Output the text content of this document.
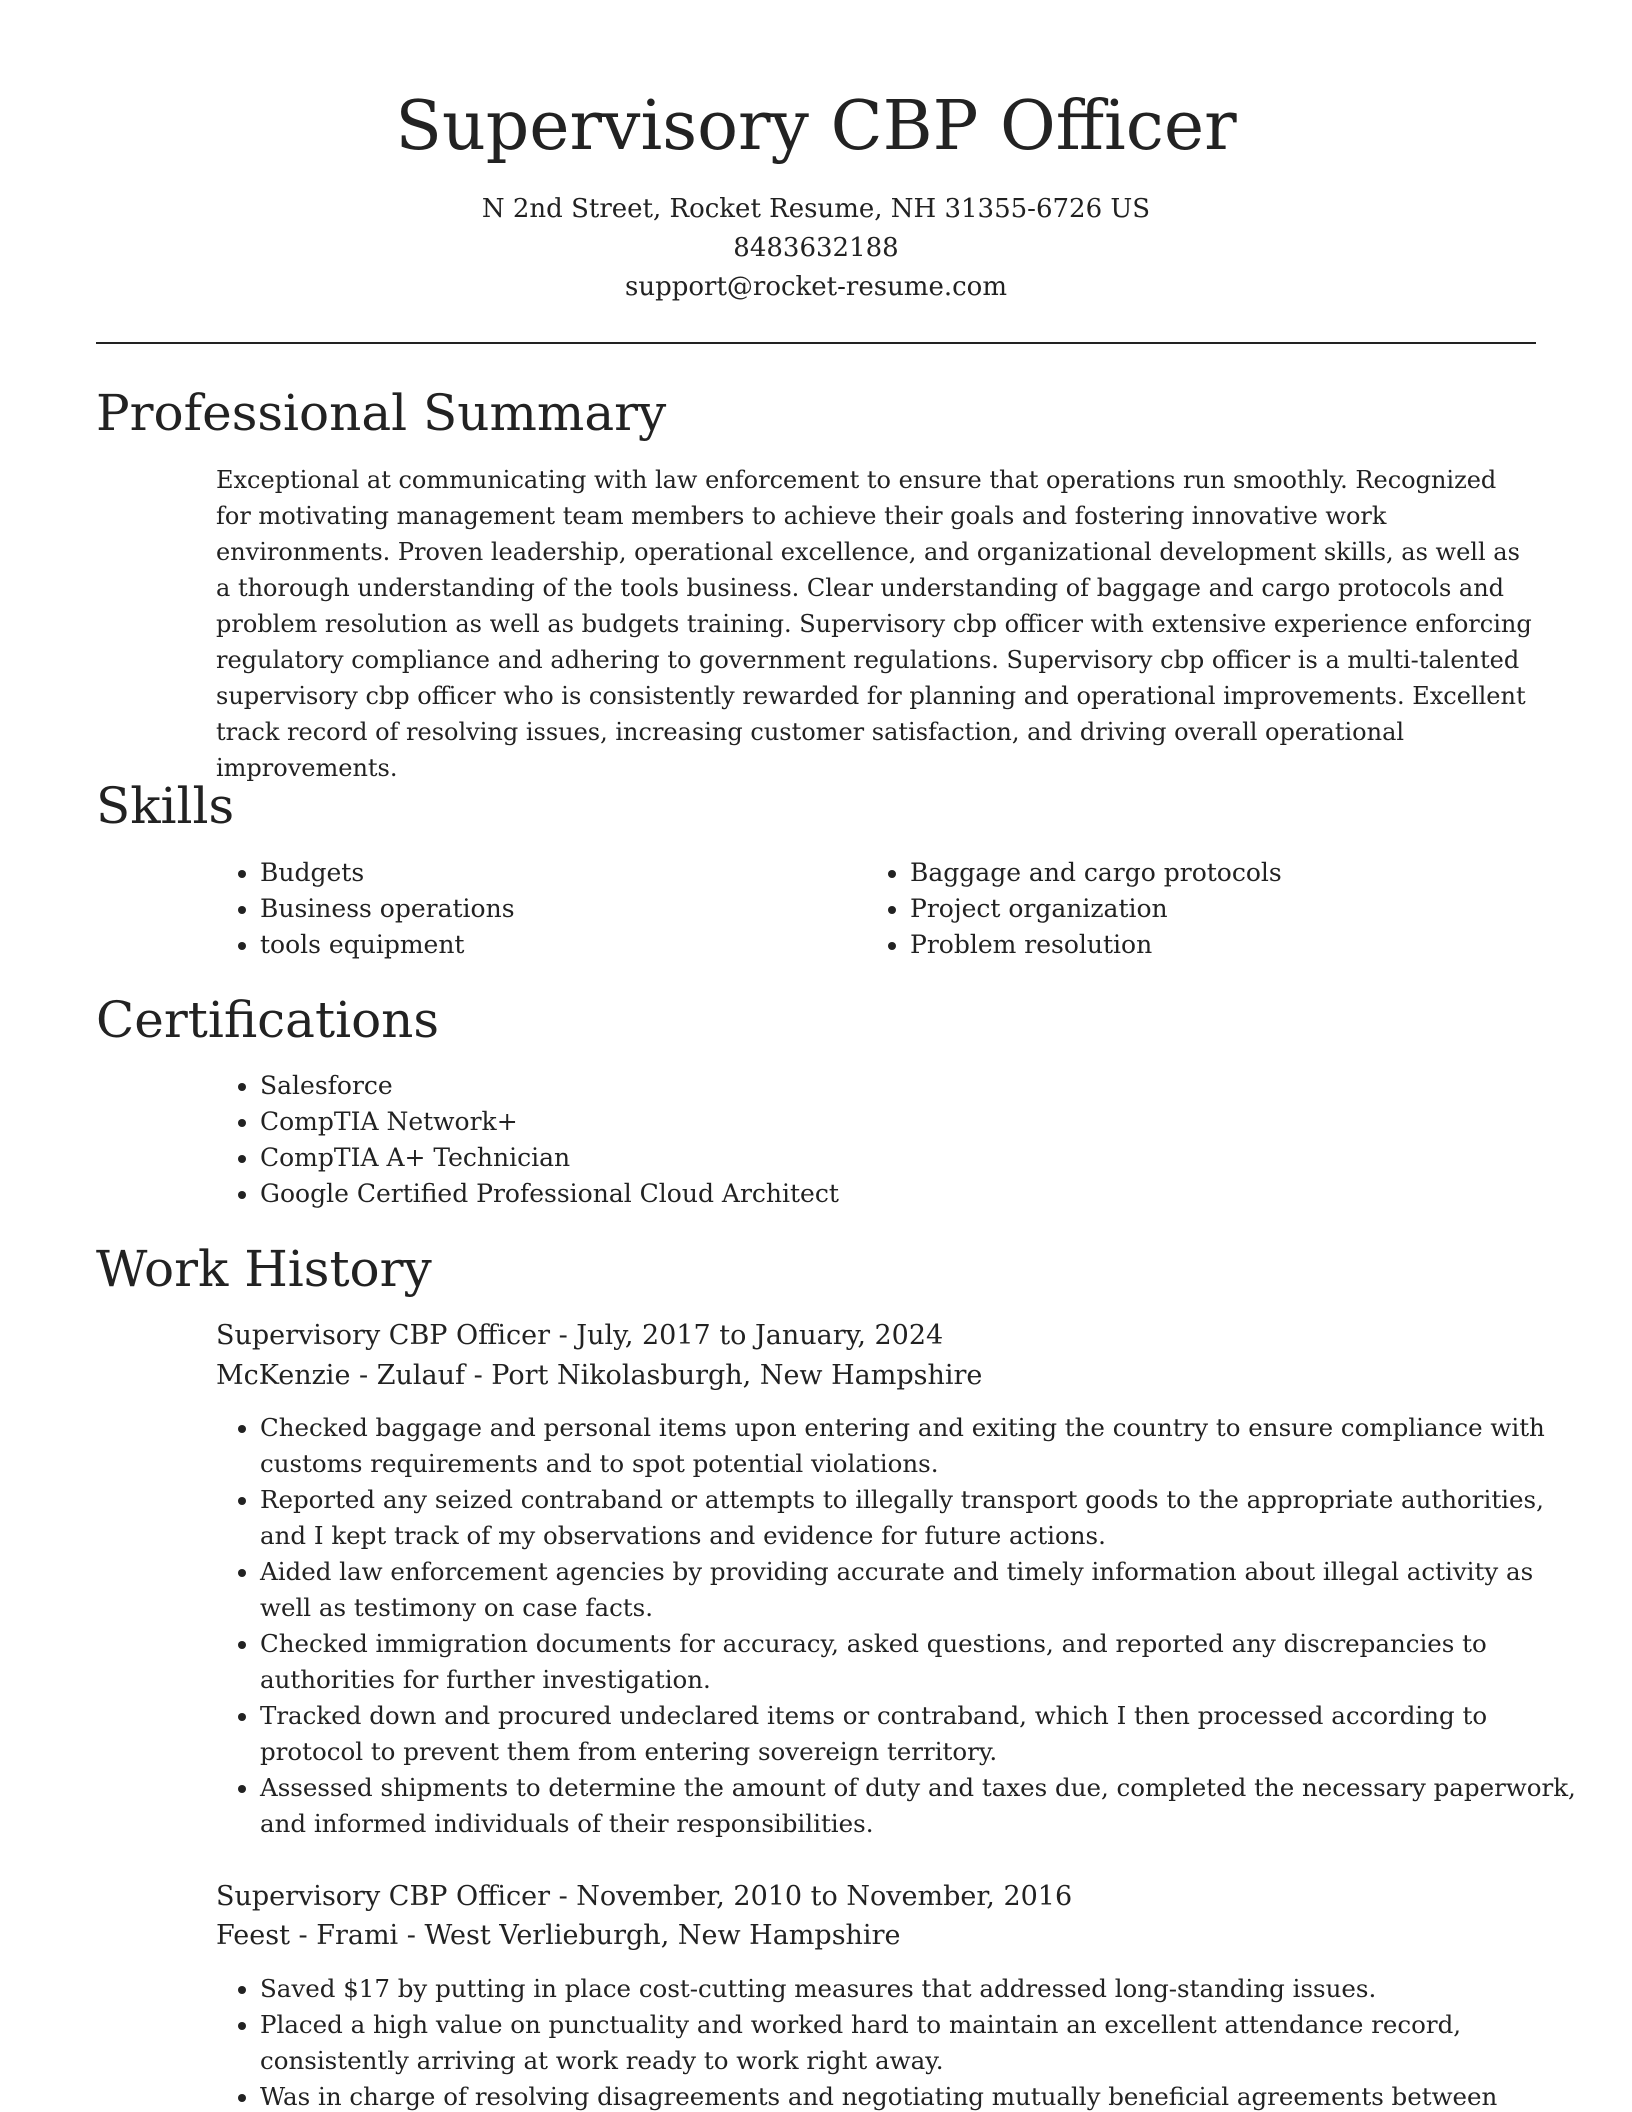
Supervisory CBP Officer
N 2nd Street, Rocket Resume, NH 31355-6726 US
8483632188
support@rocket-resume.com
Professional Summary

Exceptional at communicating with law enforcement to ensure that operations run smoothly. Recognized for motivating management team members to achieve their goals and fostering innovative work environments. Proven leadership, operational excellence, and organizational development skills, as well as a thorough understanding of the tools business. Clear understanding of baggage and cargo protocols and problem resolution as well as budgets training. Supervisory cbp officer with extensive experience enforcing regulatory compliance and adhering to government regulations. Supervisory cbp officer is a multi-talented supervisory cbp officer who is consistently rewarded for planning and operational improvements. Excellent track record of resolving issues, increasing customer satisfaction, and driving overall operational improvements.

Skills
• Budgets
• Business operations
• tools equipment
• Baggage and cargo protocols
• Project organization
• Problem resolution
Certifications
• Salesforce
• CompTIA Network+
• CompTIA A+ Technician
• Google Certified Professional Cloud Architect
Work History
Supervisory CBP Officer - July, 2017 to January, 2024
McKenzie - Zulauf - Port Nikolasburgh, New Hampshire
• Checked baggage and personal items upon entering and exiting the country to ensure compliance with customs requirements and to spot potential violations.
• Reported any seized contraband or attempts to illegally transport goods to the appropriate authorities, and I kept track of my observations and evidence for future actions.
• Aided law enforcement agencies by providing accurate and timely information about illegal activity as well as testimony on case facts.
• Checked immigration documents for accuracy, asked questions, and reported any discrepancies to authorities for further investigation.
• Tracked down and procured undeclared items or contraband, which I then processed according to protocol to prevent them from entering sovereign territory.
• Assessed shipments to determine the amount of duty and taxes due, completed the necessary paperwork, and informed individuals of their responsibilities.
Supervisory CBP Officer - November, 2010 to November, 2016
Feest - Frami - West Verlieburgh, New Hampshire
• Saved $17 by putting in place cost-cutting measures that addressed long-standing issues.
• Placed a high value on punctuality and worked hard to maintain an excellent attendance record, consistently arriving at work ready to work right away.
• Was in charge of resolving disagreements and negotiating mutually beneficial agreements between
